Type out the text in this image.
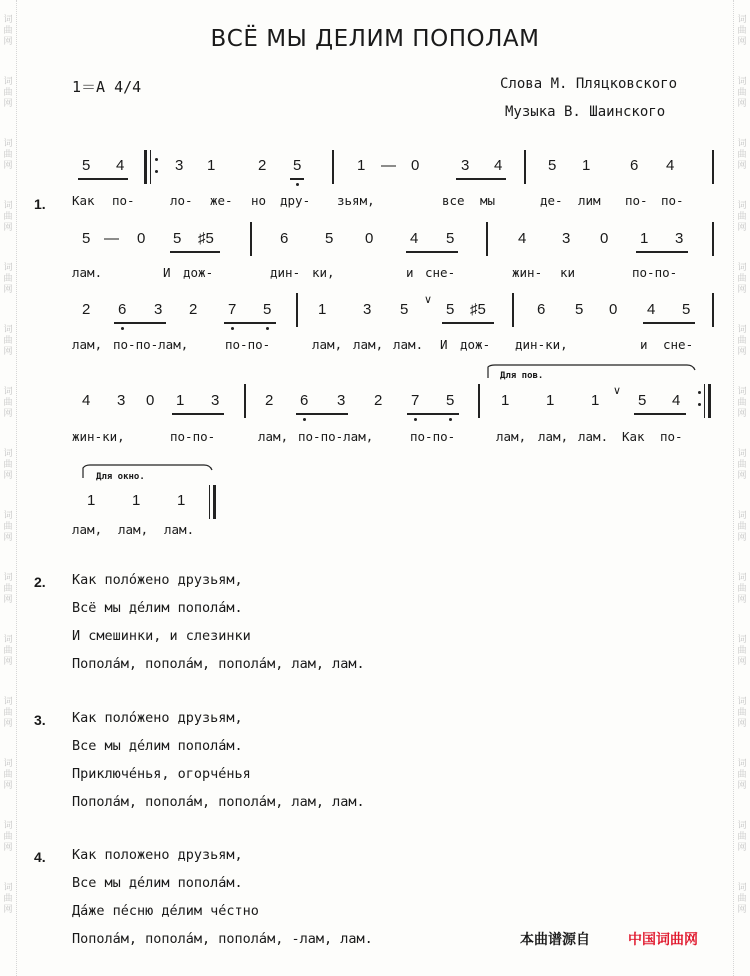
词
曲
网
词
曲
网
词
曲
网
词
曲
网
词
曲
网
词
曲
网
词
曲
网
词
曲
网
词
曲
网
词
曲
网
词
曲
网
词
曲
网
词
曲
网
词
曲
网
词
曲
网
词
曲
网
词
曲
网
词
曲
网
词
曲
网
词
曲
网
词
曲
网
词
曲
网
词
曲
网
词
曲
网
词
曲
网
词
曲
网
词
曲
网
词
曲
网
词
曲
网
词
曲
网
ВСЁ МЫ ДЕЛИМ ПОПОЛАМ
1＝A 4/4	Слова М. Пляцковского
Музыка В. Шаинского
5 4	3 1	2 5	1 — 0	3 4	5 1	6 4
1. Как по-	ло- же- но дру- зьям,	все мы	де- лим по- по-
5 — 0 5 ♯5	6 5 0 4 5	4 3 0 1 3
лам.	И дож-	дин- ки,	и сне-	жин- ки	по-по-
2 6 3 2 7 5	1 3 5
∨
5 ♯5	6 5 0 4 5
лам, по-по-лам,	по-по-	лам, лам, лам. И дож- дин-ки,	и сне-
4 3 0 1 3	2 6 3 2 7 5
Для пов.
1 1 1
∨
5 4
жин-ки,	по-по-	лам, по-по-лам,	по-по-	лам, лам, лам. Как по-
Для окно.
1 1 1
лам, лам, лам.
2. Как полóжено друзьям,
Всё мы дéлим пополáм.
И смешинки, и слезинки
Пополáм, пополáм, пополáм, лам, лам.
3. Как полóжено друзьям,
Все мы дéлим пополáм.
Приключéнья, огорчéнья
Пополáм, пополáм, пополáм, лам, лам.
4. Как положено друзьям,
Все мы дéлим пополáм.
Дáже пéсню дéлим чéстно
Пополáм, пополáм, пополáм, -лам, лам.	本曲谱源自	中国词曲网
